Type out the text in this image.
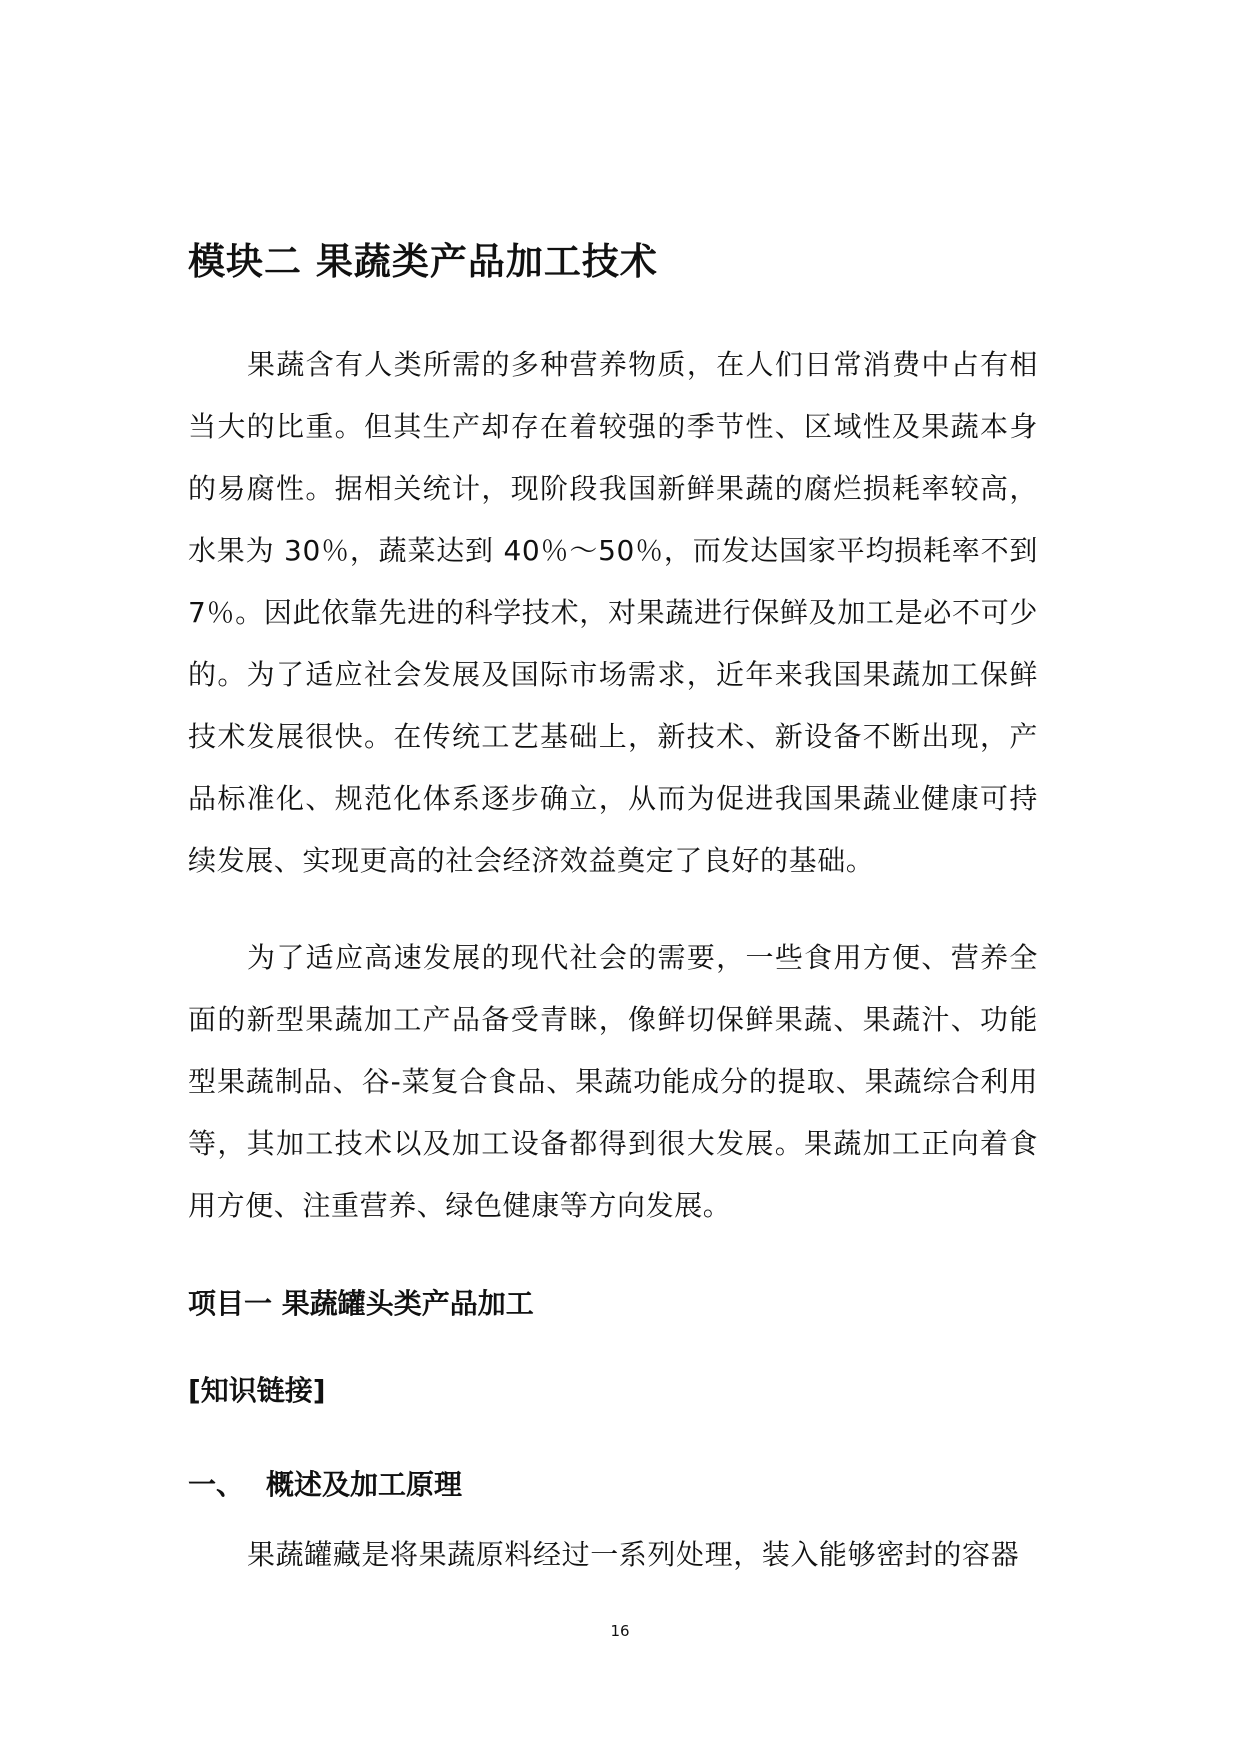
模块二 果蔬类产品加工技术

果蔬含有人类所需的多种营养物质，在人们日常消费中占有相当大的比重。但其生产却存在着较强的季节性、区域性及果蔬本身的易腐性。据相关统计，现阶段我国新鲜果蔬的腐烂损耗率较高，水果为 30％，蔬菜达到 40％～50％，而发达国家平均损耗率不到 7％。因此依靠先进的科学技术，对果蔬进行保鲜及加工是必不可少的。为了适应社会发展及国际市场需求，近年来我国果蔬加工保鲜技术发展很快。在传统工艺基础上，新技术、新设备不断出现，产品标准化、规范化体系逐步确立，从而为促进我国果蔬业健康可持续发展、实现更高的社会经济效益奠定了良好的基础。

为了适应高速发展的现代社会的需要，一些食用方便、营养全面的新型果蔬加工产品备受青睐，像鲜切保鲜果蔬、果蔬汁、功能型果蔬制品、谷-菜复合食品、果蔬功能成分的提取、果蔬综合利用等，其加工技术以及加工设备都得到很大发展。果蔬加工正向着食用方便、注重营养、绿色健康等方向发展。

项目一 果蔬罐头类产品加工
[知识链接]
一、 概述及加工原理

果蔬罐藏是将果蔬原料经过一系列处理，装入能够密封的容器

16
